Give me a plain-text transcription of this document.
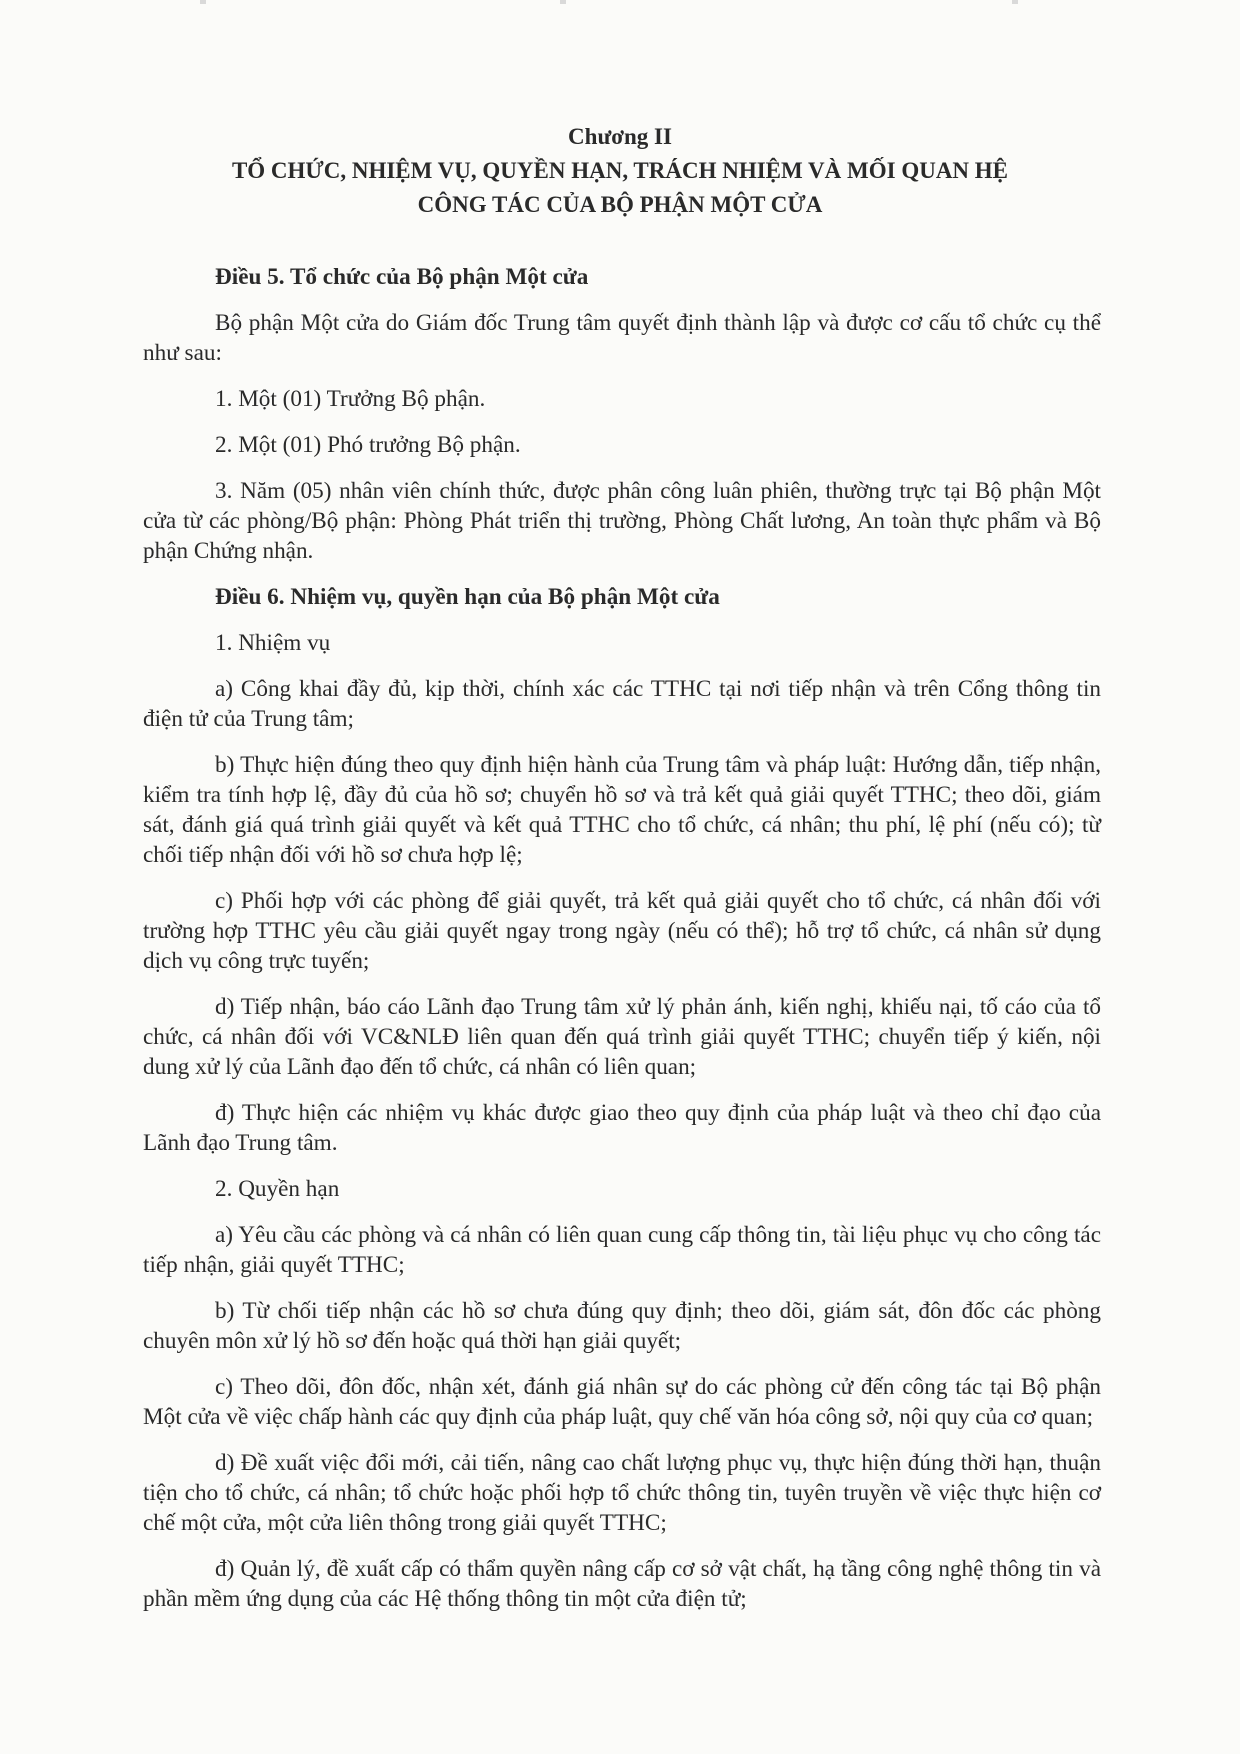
Chương II
TỔ CHỨC, NHIỆM VỤ, QUYỀN HẠN, TRÁCH NHIỆM VÀ MỐI QUAN HỆ
CÔNG TÁC CỦA BỘ PHẬN MỘT CỬA
Điều 5. Tổ chức của Bộ phận Một cửa
Bộ phận Một cửa do Giám đốc Trung tâm quyết định thành lập và được cơ cấu tổ chức cụ thể như sau:
1. Một (01) Trưởng Bộ phận.
2. Một (01) Phó trưởng Bộ phận.
3. Năm (05) nhân viên chính thức, được phân công luân phiên, thường trực tại Bộ phận Một cửa từ các phòng/Bộ phận: Phòng Phát triển thị trường, Phòng Chất lương, An toàn thực phẩm và Bộ phận Chứng nhận.
Điều 6. Nhiệm vụ, quyền hạn của Bộ phận Một cửa
1. Nhiệm vụ
a) Công khai đầy đủ, kịp thời, chính xác các TTHC tại nơi tiếp nhận và trên Cổng thông tin điện tử của Trung tâm;
b) Thực hiện đúng theo quy định hiện hành của Trung tâm và pháp luật: Hướng dẫn, tiếp nhận, kiểm tra tính hợp lệ, đầy đủ của hồ sơ; chuyển hồ sơ và trả kết quả giải quyết TTHC; theo dõi, giám sát, đánh giá quá trình giải quyết và kết quả TTHC cho tổ chức, cá nhân; thu phí, lệ phí (nếu có); từ chối tiếp nhận đối với hồ sơ chưa hợp lệ;
c) Phối hợp với các phòng để giải quyết, trả kết quả giải quyết cho tổ chức, cá nhân đối với trường hợp TTHC yêu cầu giải quyết ngay trong ngày (nếu có thể); hỗ trợ tổ chức, cá nhân sử dụng dịch vụ công trực tuyến;
d) Tiếp nhận, báo cáo Lãnh đạo Trung tâm xử lý phản ánh, kiến nghị, khiếu nại, tố cáo của tổ chức, cá nhân đối với VC&NLĐ liên quan đến quá trình giải quyết TTHC; chuyển tiếp ý kiến, nội dung xử lý của Lãnh đạo đến tổ chức, cá nhân có liên quan;
đ) Thực hiện các nhiệm vụ khác được giao theo quy định của pháp luật và theo chỉ đạo của Lãnh đạo Trung tâm.
2. Quyền hạn
a) Yêu cầu các phòng và cá nhân có liên quan cung cấp thông tin, tài liệu phục vụ cho công tác tiếp nhận, giải quyết TTHC;
b) Từ chối tiếp nhận các hồ sơ chưa đúng quy định; theo dõi, giám sát, đôn đốc các phòng chuyên môn xử lý hồ sơ đến hoặc quá thời hạn giải quyết;
c) Theo dõi, đôn đốc, nhận xét, đánh giá nhân sự do các phòng cử đến công tác tại Bộ phận Một cửa về việc chấp hành các quy định của pháp luật, quy chế văn hóa công sở, nội quy của cơ quan;
d) Đề xuất việc đổi mới, cải tiến, nâng cao chất lượng phục vụ, thực hiện đúng thời hạn, thuận tiện cho tổ chức, cá nhân; tổ chức hoặc phối hợp tổ chức thông tin, tuyên truyền về việc thực hiện cơ chế một cửa, một cửa liên thông trong giải quyết TTHC;
đ) Quản lý, đề xuất cấp có thẩm quyền nâng cấp cơ sở vật chất, hạ tầng công nghệ thông tin và phần mềm ứng dụng của các Hệ thống thông tin một cửa điện tử;
